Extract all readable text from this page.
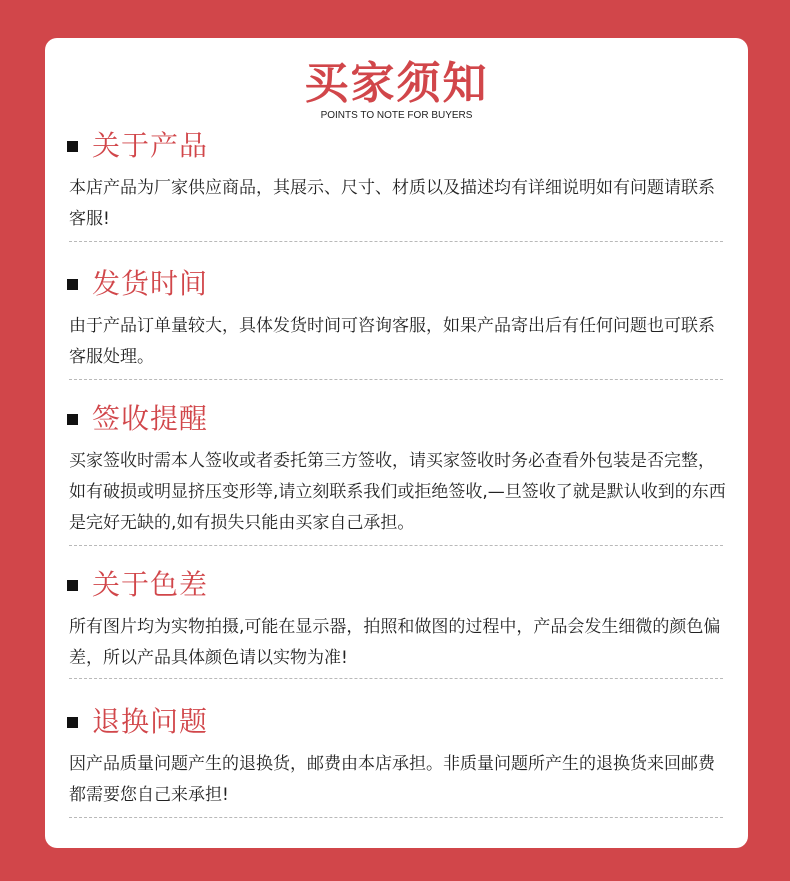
买家须知
POINTS TO NOTE FOR BUYERS
关于产品
本店产品为厂家供应商品，其展示、尺寸、材质以及描述均有详细说明如有问题请联系客服!
发货时间
由于产品订单量较大，具体发货时间可咨询客服，如果产品寄出后有任何问题也可联系客服处理。
签收提醒
买家签收时需本人签收或者委托第三方签收，请买家签收时务必查看外包装是否完整，如有破损或明显挤压变形等,请立刻联系我们或拒绝签收,—旦签收了就是默认收到的东西是完好无缺的,如有损失只能由买家自己承担。
关于色差
所有图片均为实物拍摄,可能在显示器，拍照和做图的过程中，产品会发生细微的颜色偏差，所以产品具体颜色请以实物为准!
退换问题
因产品质量问题产生的退换货，邮费由本店承担。非质量问题所产生的退换货来回邮费都需要您自己来承担!
